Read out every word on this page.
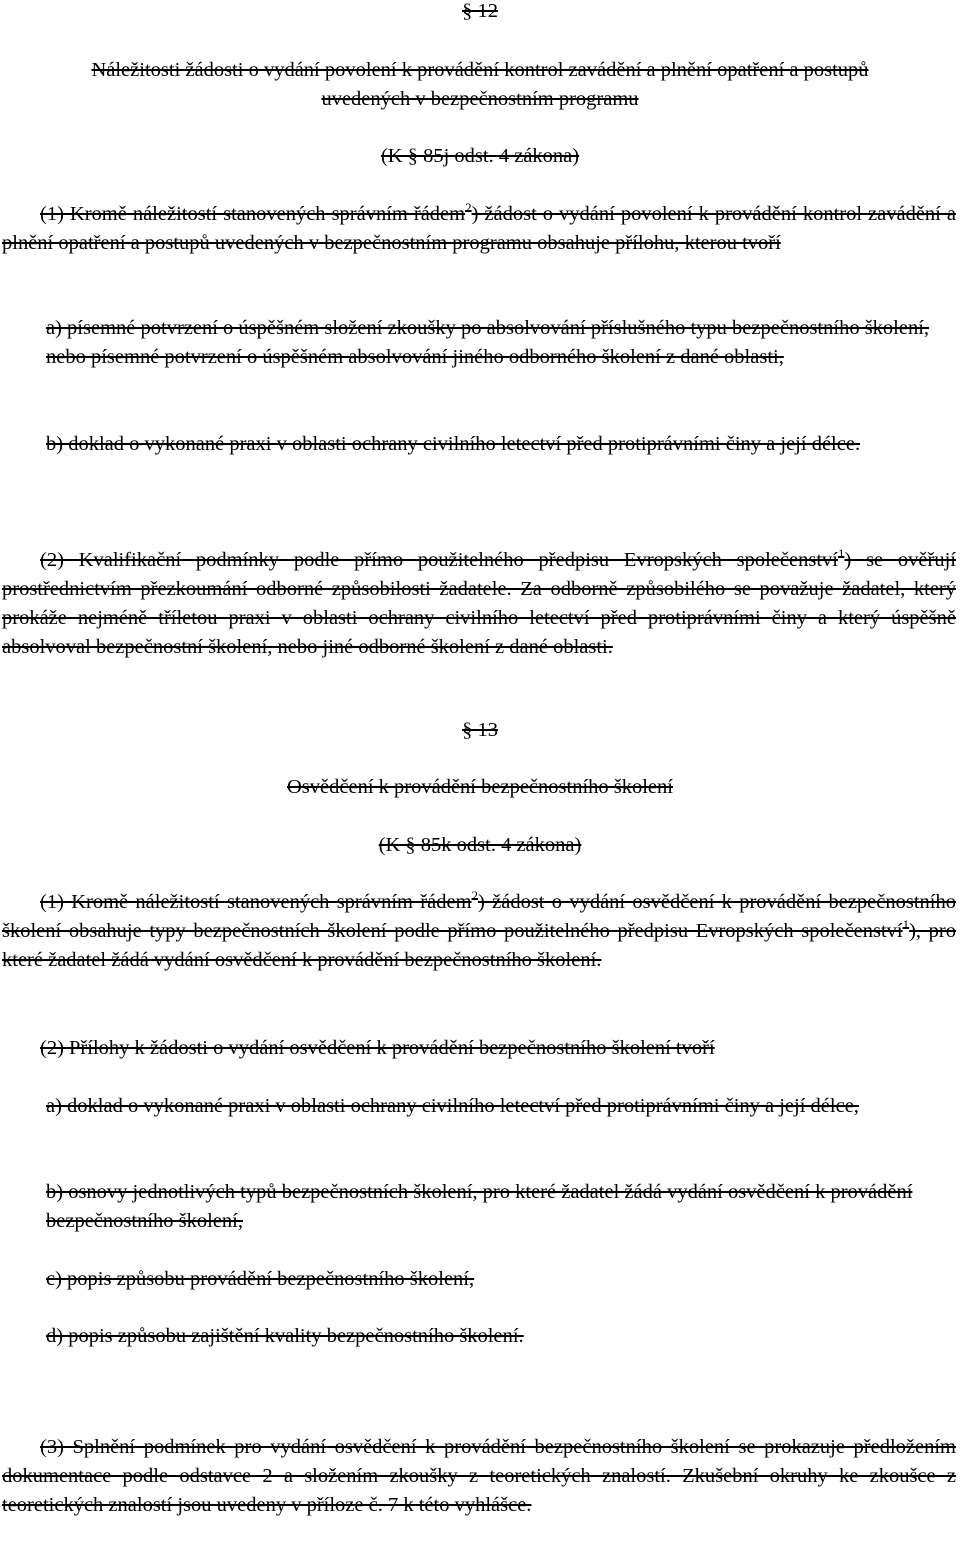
§ 12
Náležitosti žádosti o vydání povolení k provádění kontrol zavádění a plnění opatření a postupů
uvedených v bezpečnostním programu
(K § 85j odst. 4 zákona)

(1) Kromě náležitostí stanovených správním řádem$^2$) žádost o vydání povolení k provádění kontrol zavádění a plnění opatření a postupů uvedených v bezpečnostním programu obsahuje přílohu, kterou tvoří

a) písemné potvrzení o úspěšném složení zkoušky po absolvování příslušného typu bezpečnostního školení, nebo písemné potvrzení o úspěšném absolvování jiného odborného školení z dané oblasti,

b) doklad o vykonané praxi v oblasti ochrany civilního letectví před protiprávními činy a její délce.

(2) Kvalifikační podmínky podle přímo použitelného předpisu Evropských společenství$^1$) se ověřují prostřednictvím přezkoumání odborné způsobilosti žadatele. Za odborně způsobilého se považuje žadatel, který prokáže nejméně tříletou praxi v oblasti ochrany civilního letectví před protiprávními činy a který úspěšně absolvoval bezpečnostní školení, nebo jiné odborné školení z dané oblasti.

§ 13
Osvědčení k provádění bezpečnostního školení
(K § 85k odst. 4 zákona)

(1) Kromě náležitostí stanovených správním řádem$^2$) žádost o vydání osvědčení k provádění bezpečnostního školení obsahuje typy bezpečnostních školení podle přímo použitelného předpisu Evropských společenství$^1$), pro které žadatel žádá vydání osvědčení k provádění bezpečnostního školení.

(2) Přílohy k žádosti o vydání osvědčení k provádění bezpečnostního školení tvoří

a) doklad o vykonané praxi v oblasti ochrany civilního letectví před protiprávními činy a její délce,

b) osnovy jednotlivých typů bezpečnostních školení, pro které žadatel žádá vydání osvědčení k provádění bezpečnostního školení,

c) popis způsobu provádění bezpečnostního školení,

d) popis způsobu zajištění kvality bezpečnostního školení.

(3) Splnění podmínek pro vydání osvědčení k provádění bezpečnostního školení se prokazuje předložením dokumentace podle odstavce 2 a složením zkoušky z teoretických znalostí. Zkušební okruhy ke zkoušce z teoretických znalostí jsou uvedeny v příloze č. 7 k této vyhlášce.
